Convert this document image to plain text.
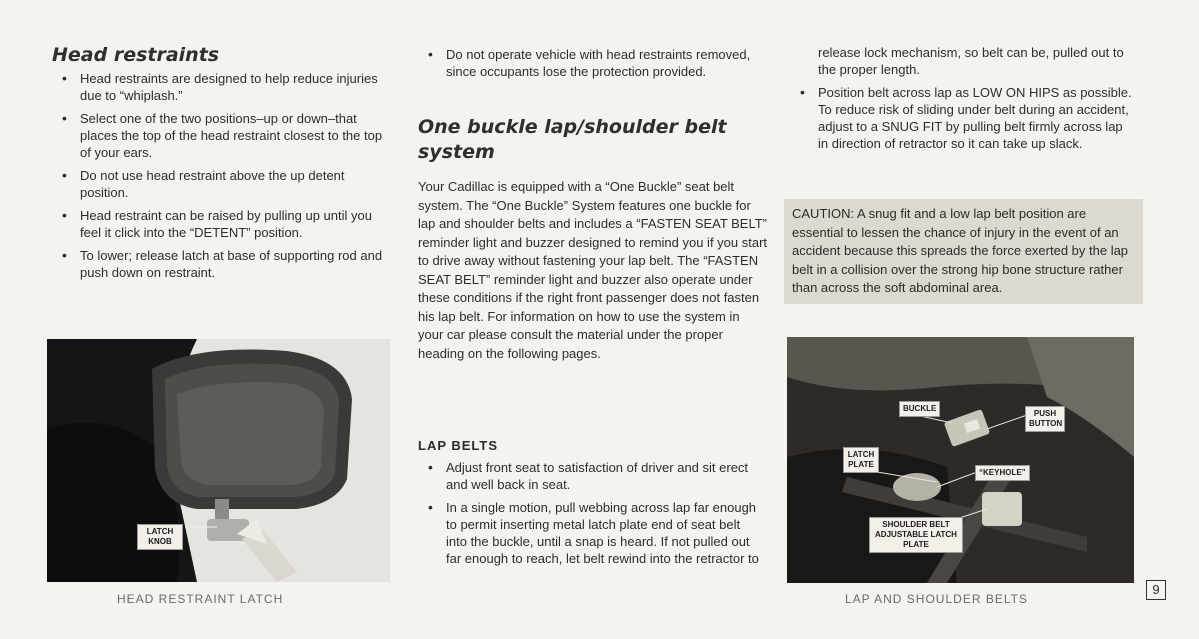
Head restraints
• Head restraints are designed to help reduce injuries due to “whiplash.”
• Select one of the two positions–up or down–that places the top of the head restraint closest to the top of your ears.
• Do not use head restraint above the up detent position.
• Head restraint can be raised by pulling up until you feel it click into the “DETENT” position.
• To lower; release latch at base of supporting rod and push down on restraint.
LATCH KNOB

HEAD RESTRAINT LATCH

• Do not operate vehicle with head restraints removed, since occupants lose the protection provided.
One buckle lap/shoulder belt system

Your Cadillac is equipped with a “One Buckle” seat belt system. The “One Buckle” System features one buckle for lap and shoulder belts and includes a “FASTEN SEAT BELT” reminder light and buzzer designed to remind you if you start to drive away without fastening your lap belt. The “FASTEN SEAT BELT” reminder light and buzzer also operate under these conditions if the right front passenger does not fasten his lap belt. For information on how to use the system in your car please consult the material under the proper heading on the following pages.

LAP BELTS
• Adjust front seat to satisfaction of driver and sit erect and well back in seat.
• In a single motion, pull webbing across lap far enough to permit inserting metal latch plate end of seat belt into the buckle, until a snap is heard. If not pulled out far enough to reach, let belt rewind into the retractor to
release lock mechanism, so belt can be, pulled out to the proper length.
• Position belt across lap as LOW ON HIPS as possible. To reduce risk of sliding under belt during an accident, adjust to a SNUG FIT by pulling belt firmly across lap in direction of retractor so it can take up slack.
CAUTION: A snug fit and a low lap belt position are essential to lessen the chance of injury in the event of an accident because this spreads the force exerted by the lap belt in a collision over the strong hip bone structure rather than across the soft abdominal area.
BUCKLE
PUSH BUTTON
LATCH PLATE
“KEYHOLE”
SHOULDER BELT ADJUSTABLE LATCH PLATE

LAP AND SHOULDER BELTS

9
